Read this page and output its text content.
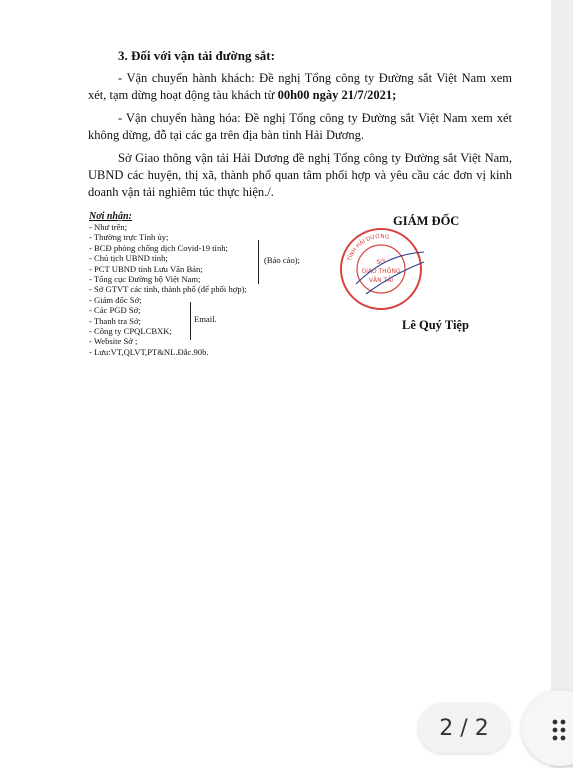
3. Đối với vận tải đường sắt:

- Vận chuyển hành khách: Đề nghị Tổng công ty Đường sắt Việt Nam xem xét, tạm dừng hoạt động tàu khách từ 00h00 ngày 21/7/2021;

- Vận chuyển hàng hóa: Đề nghị Tổng công ty Đường sắt Việt Nam xem xét không dừng, đỗ tại các ga trên địa bàn tỉnh Hải Dương.

Sở Giao thông vận tải Hải Dương đề nghị Tổng công ty Đường sắt Việt Nam, UBND các huyện, thị xã, thành phố quan tâm phối hợp và yêu cầu các đơn vị kinh doanh vận tải nghiêm túc thực hiện./.

Nơi nhận:
- Như trên;
- Thường trực Tỉnh ủy;
- BCĐ phòng chống dịch Covid-19 tỉnh;
- Chủ tịch UBND tỉnh;
- PCT UBND tỉnh Lưu Văn Bản;
- Tổng cục Đường bộ Việt Nam;
- Sở GTVT các tỉnh, thành phố (để phối hợp);
- Giám đốc Sở;
- Các PGĐ Sở;
- Thanh tra Sở;
- Công ty CPQLCBXK;
- Website Sở ;
- Lưu:VT,QLVT,PT&NL.Đắc.90b.
(Báo cáo);
Email.
GIÁM ĐỐC
TỈNH HẢI DƯƠNG
SỞ
GIAO THÔNG
VẬN TẢI
Lê Quý Tiệp
2 / 2
